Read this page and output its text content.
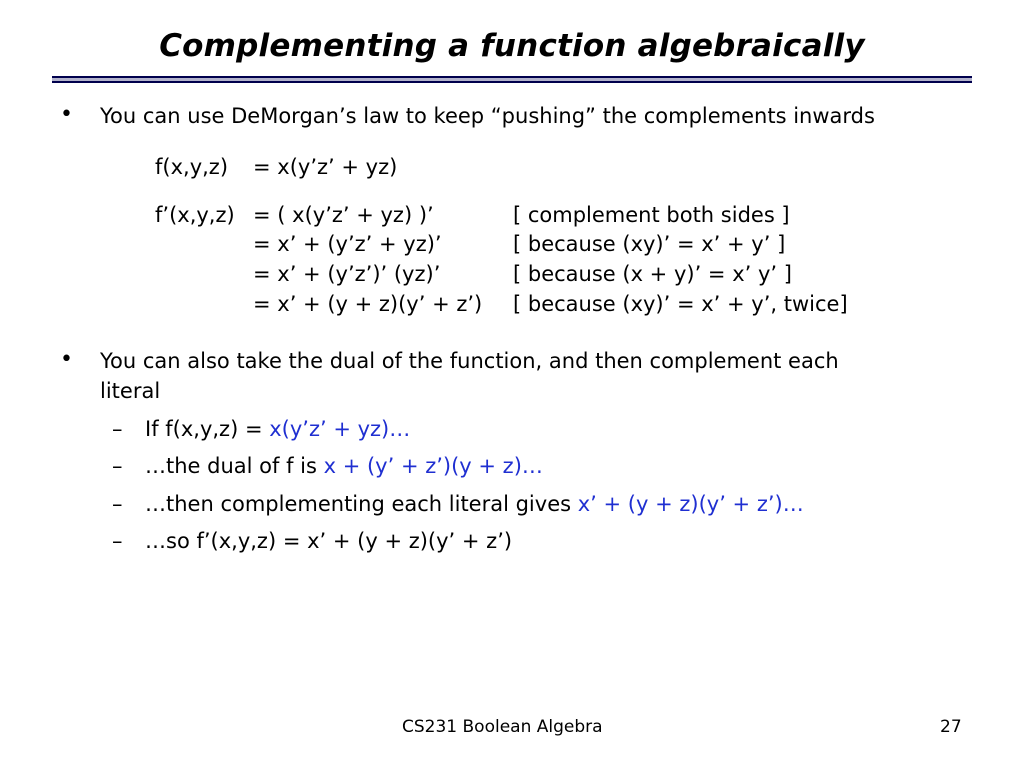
Complementing a function algebraically
• You can use DeMorgan’s law to keep “pushing” the complements inwards
f(x,y,z) = x(y’z’ + yz)
f’(x,y,z) = ( x(y’z’ + yz) )’	[ complement both sides ]
= x’ + (y’z’ + yz)’	[ because (xy)’ = x’ + y’ ]
= x’ + (y’z’)’ (yz)’	[ because (x + y)’ = x’ y’ ]
= x’ + (y + z)(y’ + z’) [ because (xy)’ = x’ + y’, twice]
• You can also take the dual of the function, and then complement each
literal
– If f(x,y,z) = x(y’z’ + yz)…
– …the dual of f is x + (y’ + z’)(y + z)…
– …then complementing each literal gives x’ + (y + z)(y’ + z’)…
– …so f’(x,y,z) = x’ + (y + z)(y’ + z’)
CS231 Boolean Algebra	27
